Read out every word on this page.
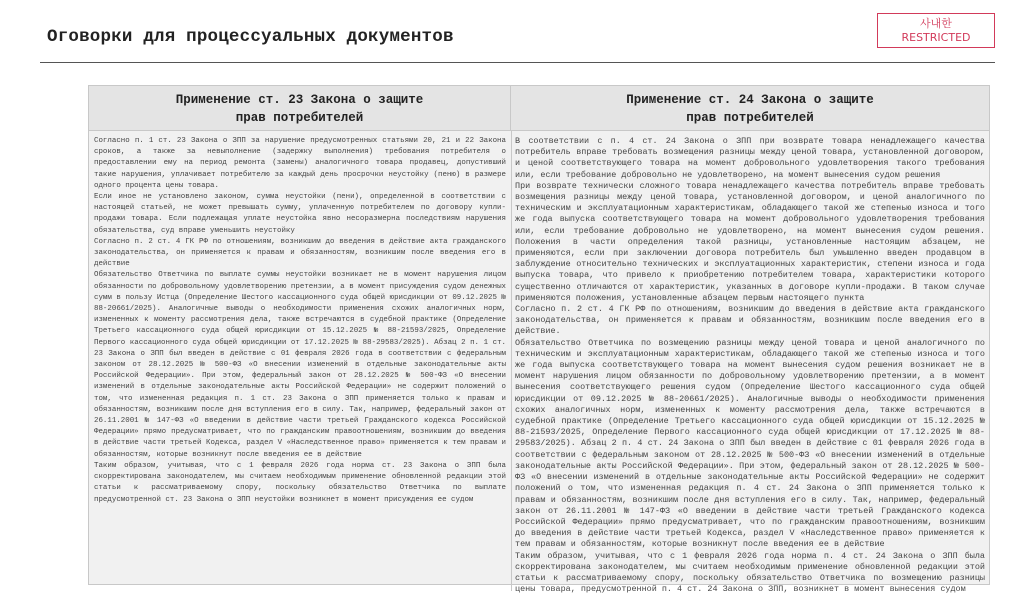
Оговорки для процессуальных документов
사내한
RESTRICTED
Применение ст. 23 Закона о защите прав потребителей
Применение ст. 24 Закона о защите прав потребителей

Согласно п. 1 ст. 23 Закона о ЗПП за нарушение предусмотренных статьями 20, 21 и 22 Закона сроков, а также за невыполнение (задержку выполнения) требования потребителя о предоставлении ему на период ремонта (замены) аналогичного товара продавец, допустивший такие нарушения, уплачивает потребителю за каждый день просрочки неустойку (пеню) в размере одного процента цены товара.

Если иное не установлено законом, сумма неустойки (пени), определенной в соответствии с настоящей статьей, не может превышать сумму, уплаченную потребителем по договору купли-продажи товара. Если подлежащая уплате неустойка явно несоразмерна последствиям нарушения обязательства, суд вправе уменьшить неустойку

Согласно п. 2 ст. 4 ГК РФ по отношениям, возникшим до введения в действие акта гражданского законодательства, он применяется к правам и обязанностям, возникшим после введения его в действие

Обязательство Ответчика по выплате суммы неустойки возникает не в момент нарушения лицом обязанности по добровольному удовлетворению претензии, а в момент присуждения судом денежных сумм в пользу Истца (Определение Шестого кассационного суда общей юрисдикции от 09.12.2025 № 88-20661/2025). Аналогичные выводы о необходимости применения схожих аналогичных норм, измененных к моменту рассмотрения дела, также встречаются в судебной практике (Определение Третьего кассационного суда общей юрисдикции от 15.12.2025 № 88-21593/2025, Определение Первого кассационного суда общей юрисдикции от 17.12.2025 № 88-29583/2025). Абзац 2 п. 1 ст. 23 Закона о ЗПП был введен в действие с 01 февраля 2026 года в соответствии с федеральным законом от 28.12.2025 № 500-ФЗ «О внесении изменений в отдельные законодательные акты Российской Федерации». При этом, федеральный закон от 28.12.2025 № 500-ФЗ «О внесении изменений в отдельные законодательные акты Российской Федерации» не содержит положений о том, что измененная редакция п. 1 ст. 23 Закона о ЗПП применяется только к правам и обязанностям, возникшим после дня вступления его в силу. Так, например, федеральный закон от 26.11.2001 № 147-ФЗ «О введении в действие части третьей Гражданского кодекса Российской Федерации» прямо предусматривает, что по гражданским правоотношениям, возникшим до введения в действие части третьей Кодекса, раздел V «Наследственное право» применяется к тем правам и обязанностям, которые возникнут после введения ее в действие

Таким образом, учитывая, что с 1 февраля 2026 года норма ст. 23 Закона о ЗПП была скорректирована законодателем, мы считаем необходимым применение обновленной редакции этой статьи к рассматриваемому спору, поскольку обязательство Ответчика по выплате предусмотренной ст. 23 Закона о ЗПП неустойки возникнет в момент присуждения ее судом

В соответствии с п. 4 ст. 24 Закона о ЗПП при возврате товара ненадлежащего качества потребитель вправе требовать возмещения разницы между ценой товара, установленной договором, и ценой соответствующего товара на момент добровольного удовлетворения такого требования или, если требование добровольно не удовлетворено, на момент вынесения судом решения

При возврате технически сложного товара ненадлежащего качества потребитель вправе требовать возмещения разницы между ценой товара, установленной договором, и ценой аналогичного по техническим и эксплуатационным характеристикам, обладающего такой же степенью износа и того же года выпуска соответствующего товара на момент добровольного удовлетворения требования или, если требование добровольно не удовлетворено, на момент вынесения судом решения. Положения в части определения такой разницы, установленные настоящим абзацем, не применяются, если при заключении договора потребитель был умышленно введен продавцом в заблуждение относительно технических и эксплуатационных характеристик, степени износа и года выпуска товара, что привело к приобретению потребителем товара, характеристики которого существенно отличаются от характеристик, указанных в договоре купли-продажи. В таком случае применяются положения, установленные абзацем первым настоящего пункта

Согласно п. 2 ст. 4 ГК РФ по отношениям, возникшим до введения в действие акта гражданского законодательства, он применяется к правам и обязанностям, возникшим после введения его в действие.

Обязательство Ответчика по возмещению разницы между ценой товара и ценой аналогичного по техническим и эксплуатационным характеристикам, обладающего такой же степенью износа и того же года выпуска соответствующего товара на момент вынесения судом решения возникает не в момент нарушения лицом обязанности по добровольному удовлетворению претензии, а в момент вынесения соответствующего решения судом (Определение Шестого кассационного суда общей юрисдикции от 09.12.2025 № 88-20661/2025). Аналогичные выводы о необходимости применения схожих аналогичных норм, измененных к моменту рассмотрения дела, также встречаются в судебной практике (Определение Третьего кассационного суда общей юрисдикции от 15.12.2025 № 88-21593/2025, Определение Первого кассационного суда общей юрисдикции от 17.12.2025 № 88-29583/2025). Абзац 2 п. 4 ст. 24 Закона о ЗПП был введен в действие с 01 февраля 2026 года в соответствии с федеральным законом от 28.12.2025 № 500-ФЗ «О внесении изменений в отдельные законодательные акты Российской Федерации». При этом, федеральный закон от 28.12.2025 № 500-ФЗ «О внесении изменений в отдельные законодательные акты Российской Федерации» не содержит положений о том, что измененная редакция п. 4 ст. 24 Закона о ЗПП применяется только к правам и обязанностям, возникшим после дня вступления его в силу. Так, например, федеральный закон от 26.11.2001 № 147-ФЗ «О введении в действие части третьей Гражданского кодекса Российской Федерации» прямо предусматривает, что по гражданским правоотношениям, возникшим до введения в действие части третьей Кодекса, раздел V «Наследственное право» применяется к тем правам и обязанностям, которые возникнут после введения ее в действие

Таким образом, учитывая, что с 1 февраля 2026 года норма п. 4 ст. 24 Закона о ЗПП была скорректирована законодателем, мы считаем необходимым применение обновленной редакции этой статьи к рассматриваемому спору, поскольку обязательство Ответчика по возмещению разницы цены товара, предусмотренной п. 4 ст. 24 Закона о ЗПП, возникнет в момент вынесения судом
